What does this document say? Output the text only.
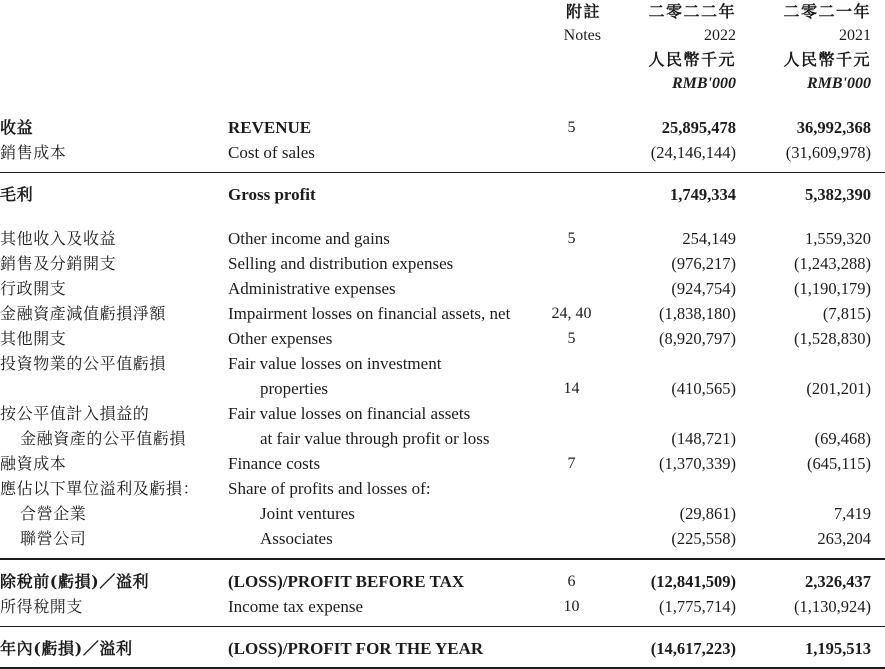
		附註	二零二二年	二零二一年
		Notes	2022	2021
			人民幣千元	人民幣千元
			RMB'000	RMB'000

收益	REVENUE	5	25,895,478	36,992,368
銷售成本	Cost of sales		(24,146,144)	(31,609,978)

毛利	Gross profit		1,749,334	5,382,390

其他收入及收益	Other income and gains	5	254,149	1,559,320
銷售及分銷開支	Selling and distribution expenses		(976,217)	(1,243,288)
行政開支	Administrative expenses		(924,754)	(1,190,179)
金融資產減值虧損淨額	Impairment losses on financial assets, net	24, 40	(1,838,180)	(7,815)
其他開支	Other expenses	5	(8,920,797)	(1,528,830)
投資物業的公平值虧損	Fair value losses on investment			
	properties	14	(410,565)	(201,201)
按公平值計入損益的	Fair value losses on financial assets			
金融資產的公平值虧損	at fair value through profit or loss		(148,721)	(69,468)
融資成本	Finance costs	7	(1,370,339)	(645,115)
應佔以下單位溢利及虧損：	Share of profits and losses of:			
合營企業	Joint ventures		(29,861)	7,419
聯營公司	Associates		(225,558)	263,204

除稅前(虧損)／溢利	(LOSS)/PROFIT BEFORE TAX	6	(12,841,509)	2,326,437
所得稅開支	Income tax expense	10	(1,775,714)	(1,130,924)

年內(虧損)／溢利	(LOSS)/PROFIT FOR THE YEAR		(14,617,223)	1,195,513
